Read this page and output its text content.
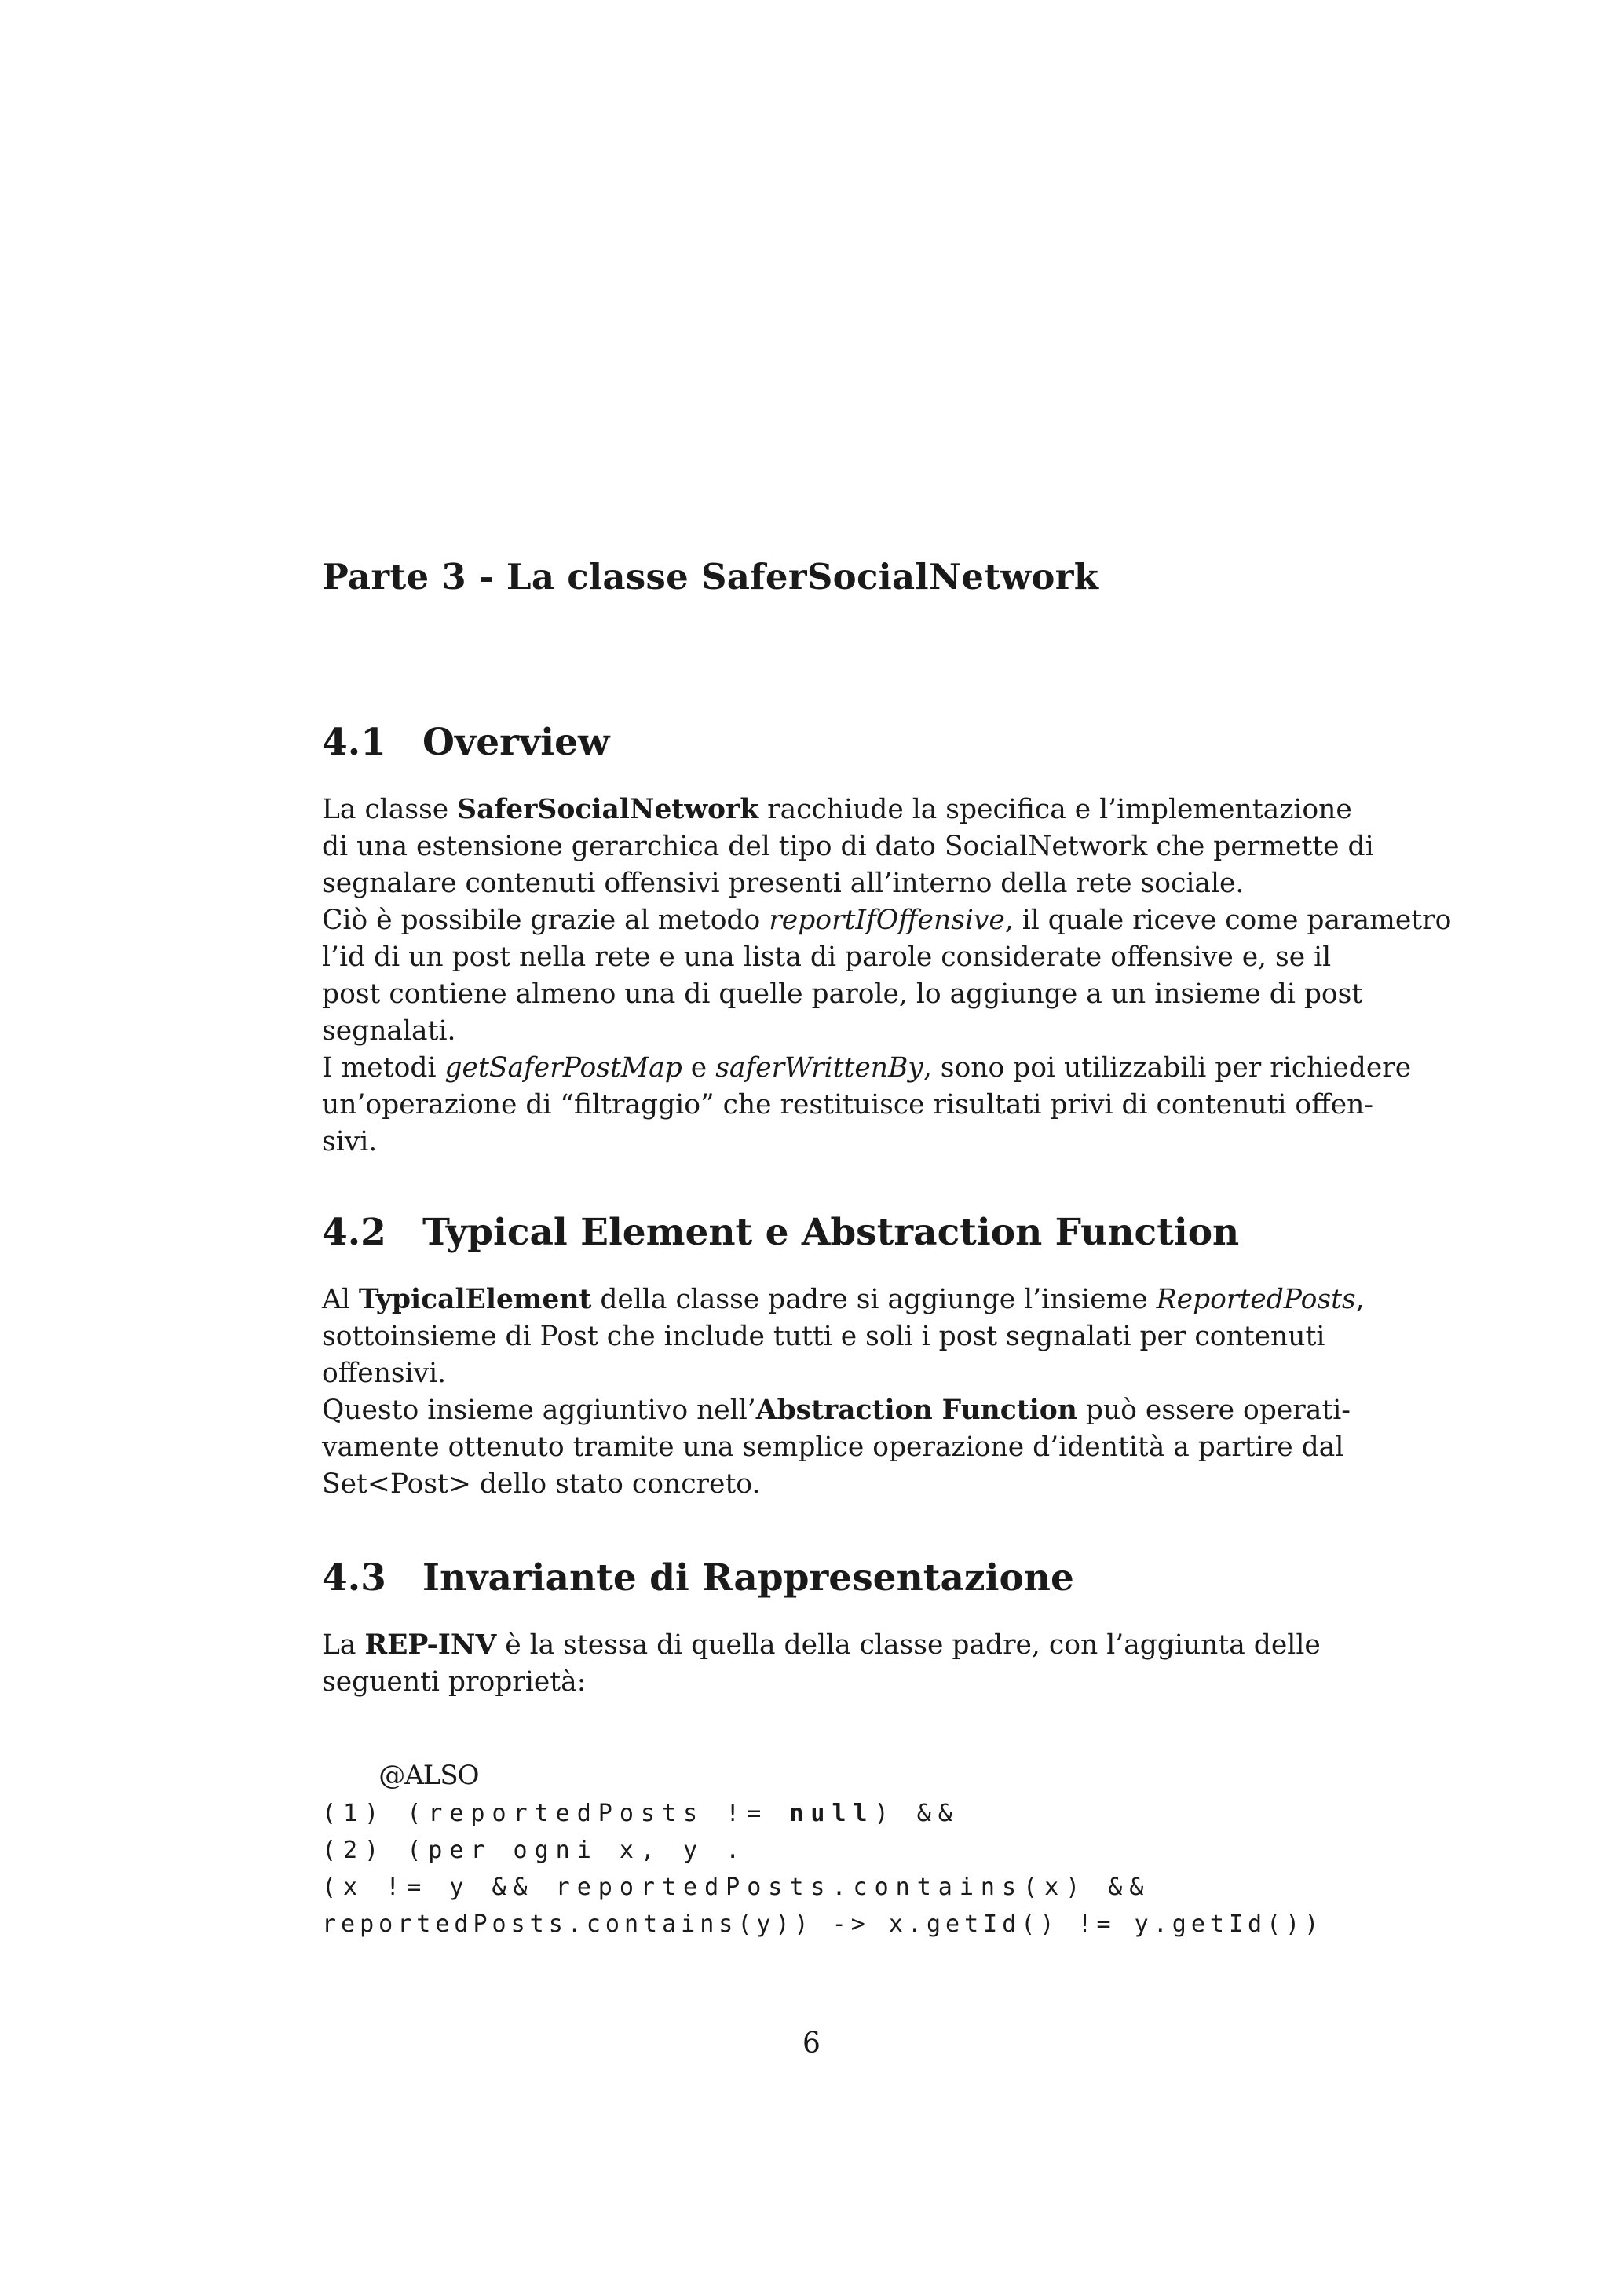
Parte 3 - La classe SaferSocialNetwork
4.1 Overview
La classe SaferSocialNetwork racchiude la specifica e l’implementazione
di una estensione gerarchica del tipo di dato SocialNetwork che permette di
segnalare contenuti offensivi presenti all’interno della rete sociale.
Ciò è possibile grazie al metodo reportIfOffensive, il quale riceve come parametro
l’id di un post nella rete e una lista di parole considerate offensive e, se il
post contiene almeno una di quelle parole, lo aggiunge a un insieme di post
segnalati.
I metodi getSaferPostMap e saferWrittenBy, sono poi utilizzabili per richiedere
un’operazione di “filtraggio” che restituisce risultati privi di contenuti offen-
sivi.
4.2 Typical Element e Abstraction Function
Al TypicalElement della classe padre si aggiunge l’insieme ReportedPosts,
sottoinsieme di Post che include tutti e soli i post segnalati per contenuti
offensivi.
Questo insieme aggiuntivo nell’Abstraction Function può essere operati-
vamente ottenuto tramite una semplice operazione d’identità a partire dal
Set<Post> dello stato concreto.
4.3 Invariante di Rappresentazione
La REP-INV è la stessa di quella della classe padre, con l’aggiunta delle
seguenti proprietà:

@ALSO
(1) (reportedPosts != null) &&
(2) (per ogni x, y .
(x != y && reportedPosts.contains(x) &&
reportedPosts.contains(y)) -> x.getId() != y.getId())

6
